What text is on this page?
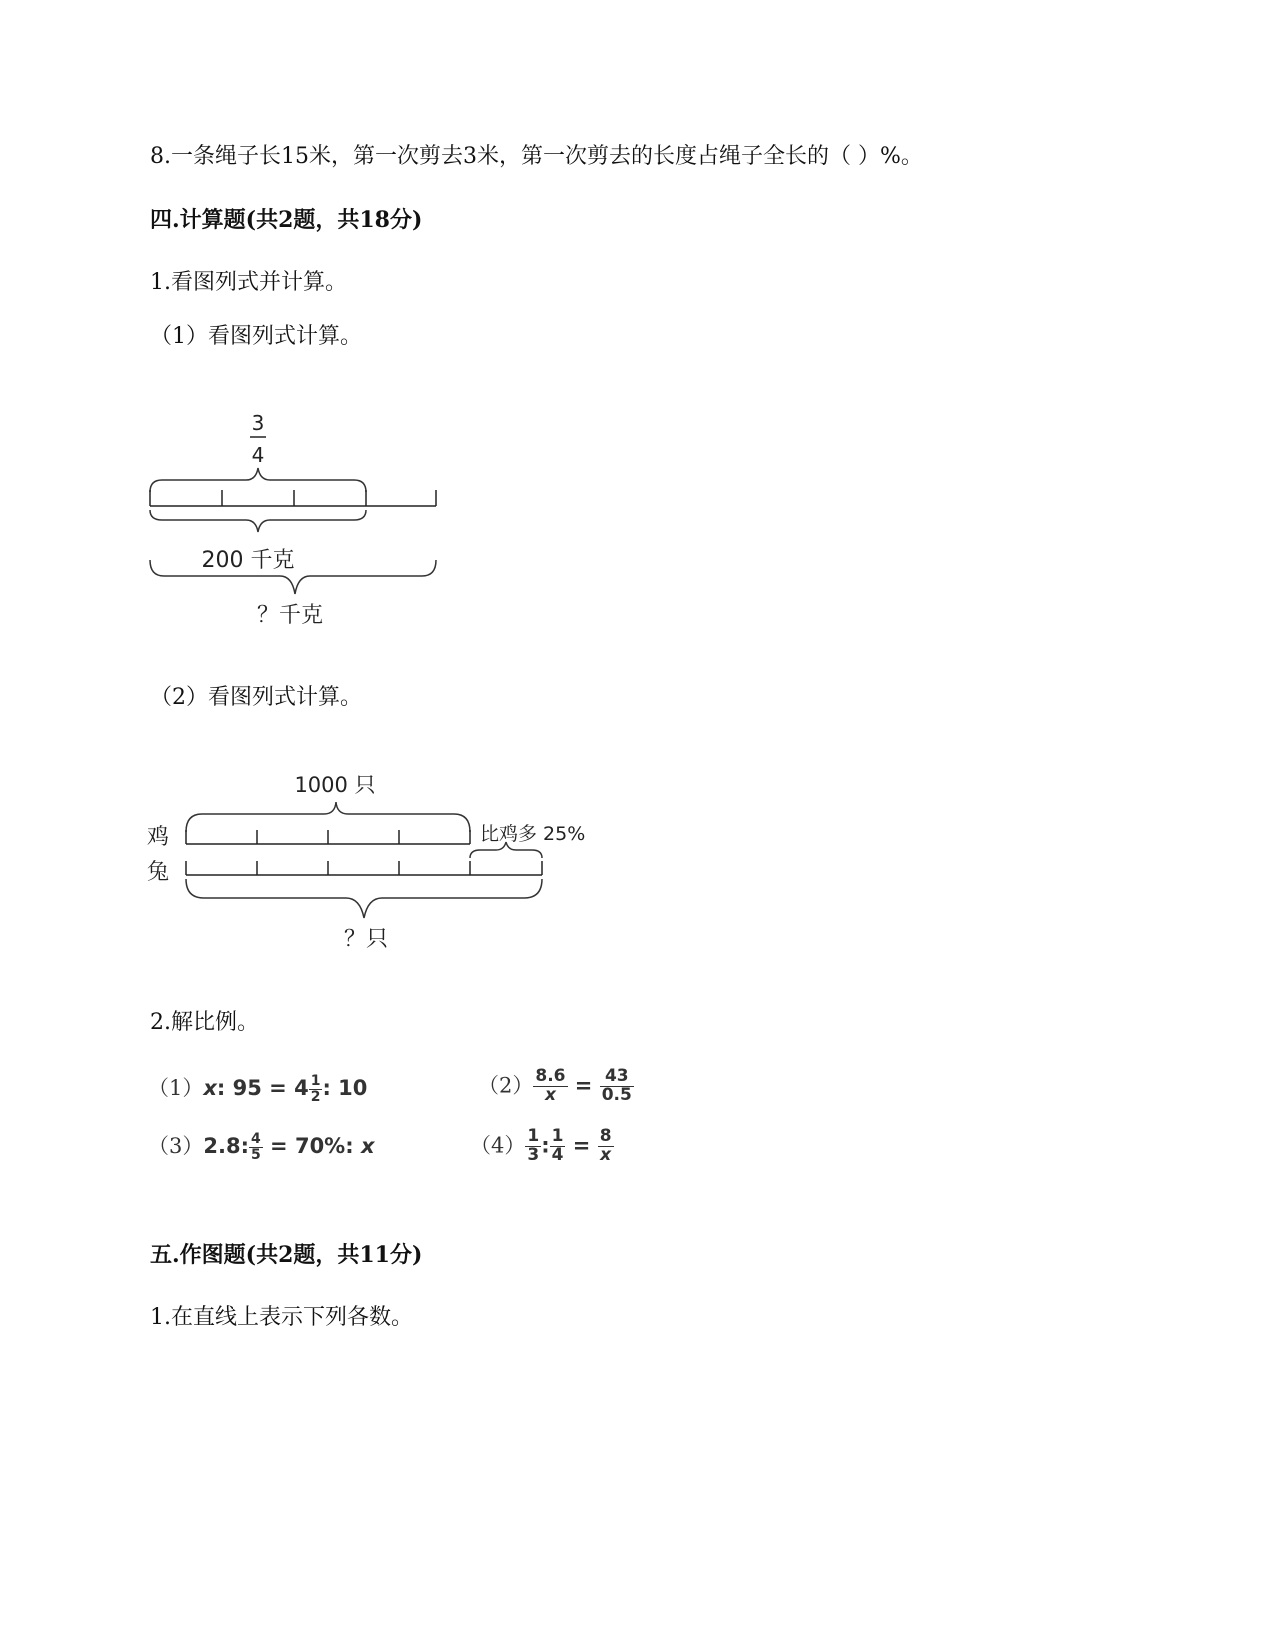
8.一条绳子长15米，第一次剪去3米，第一次剪去的长度占绳子全长的（ ）%。
四.计算题(共2题，共18分)
1.看图列式并计算。
（1）看图列式计算。
3
4
200 千克
？千克
（2）看图列式计算。
1000 只
鸡
兔
比鸡多 25%
？只
2.解比例。
（1）x: $95 = 4 \frac{1}{2}$ : 10	$(2) \frac{8.6}{x} = \frac{43}{0.5}$
（3）2.8: $\frac{4}{5} = 70\%$: x	$(4) \frac{1}{3}$ : $\frac{1}{4} = \frac{8}{x}$
五.作图题(共2题，共11分)
1.在直线上表示下列各数。
